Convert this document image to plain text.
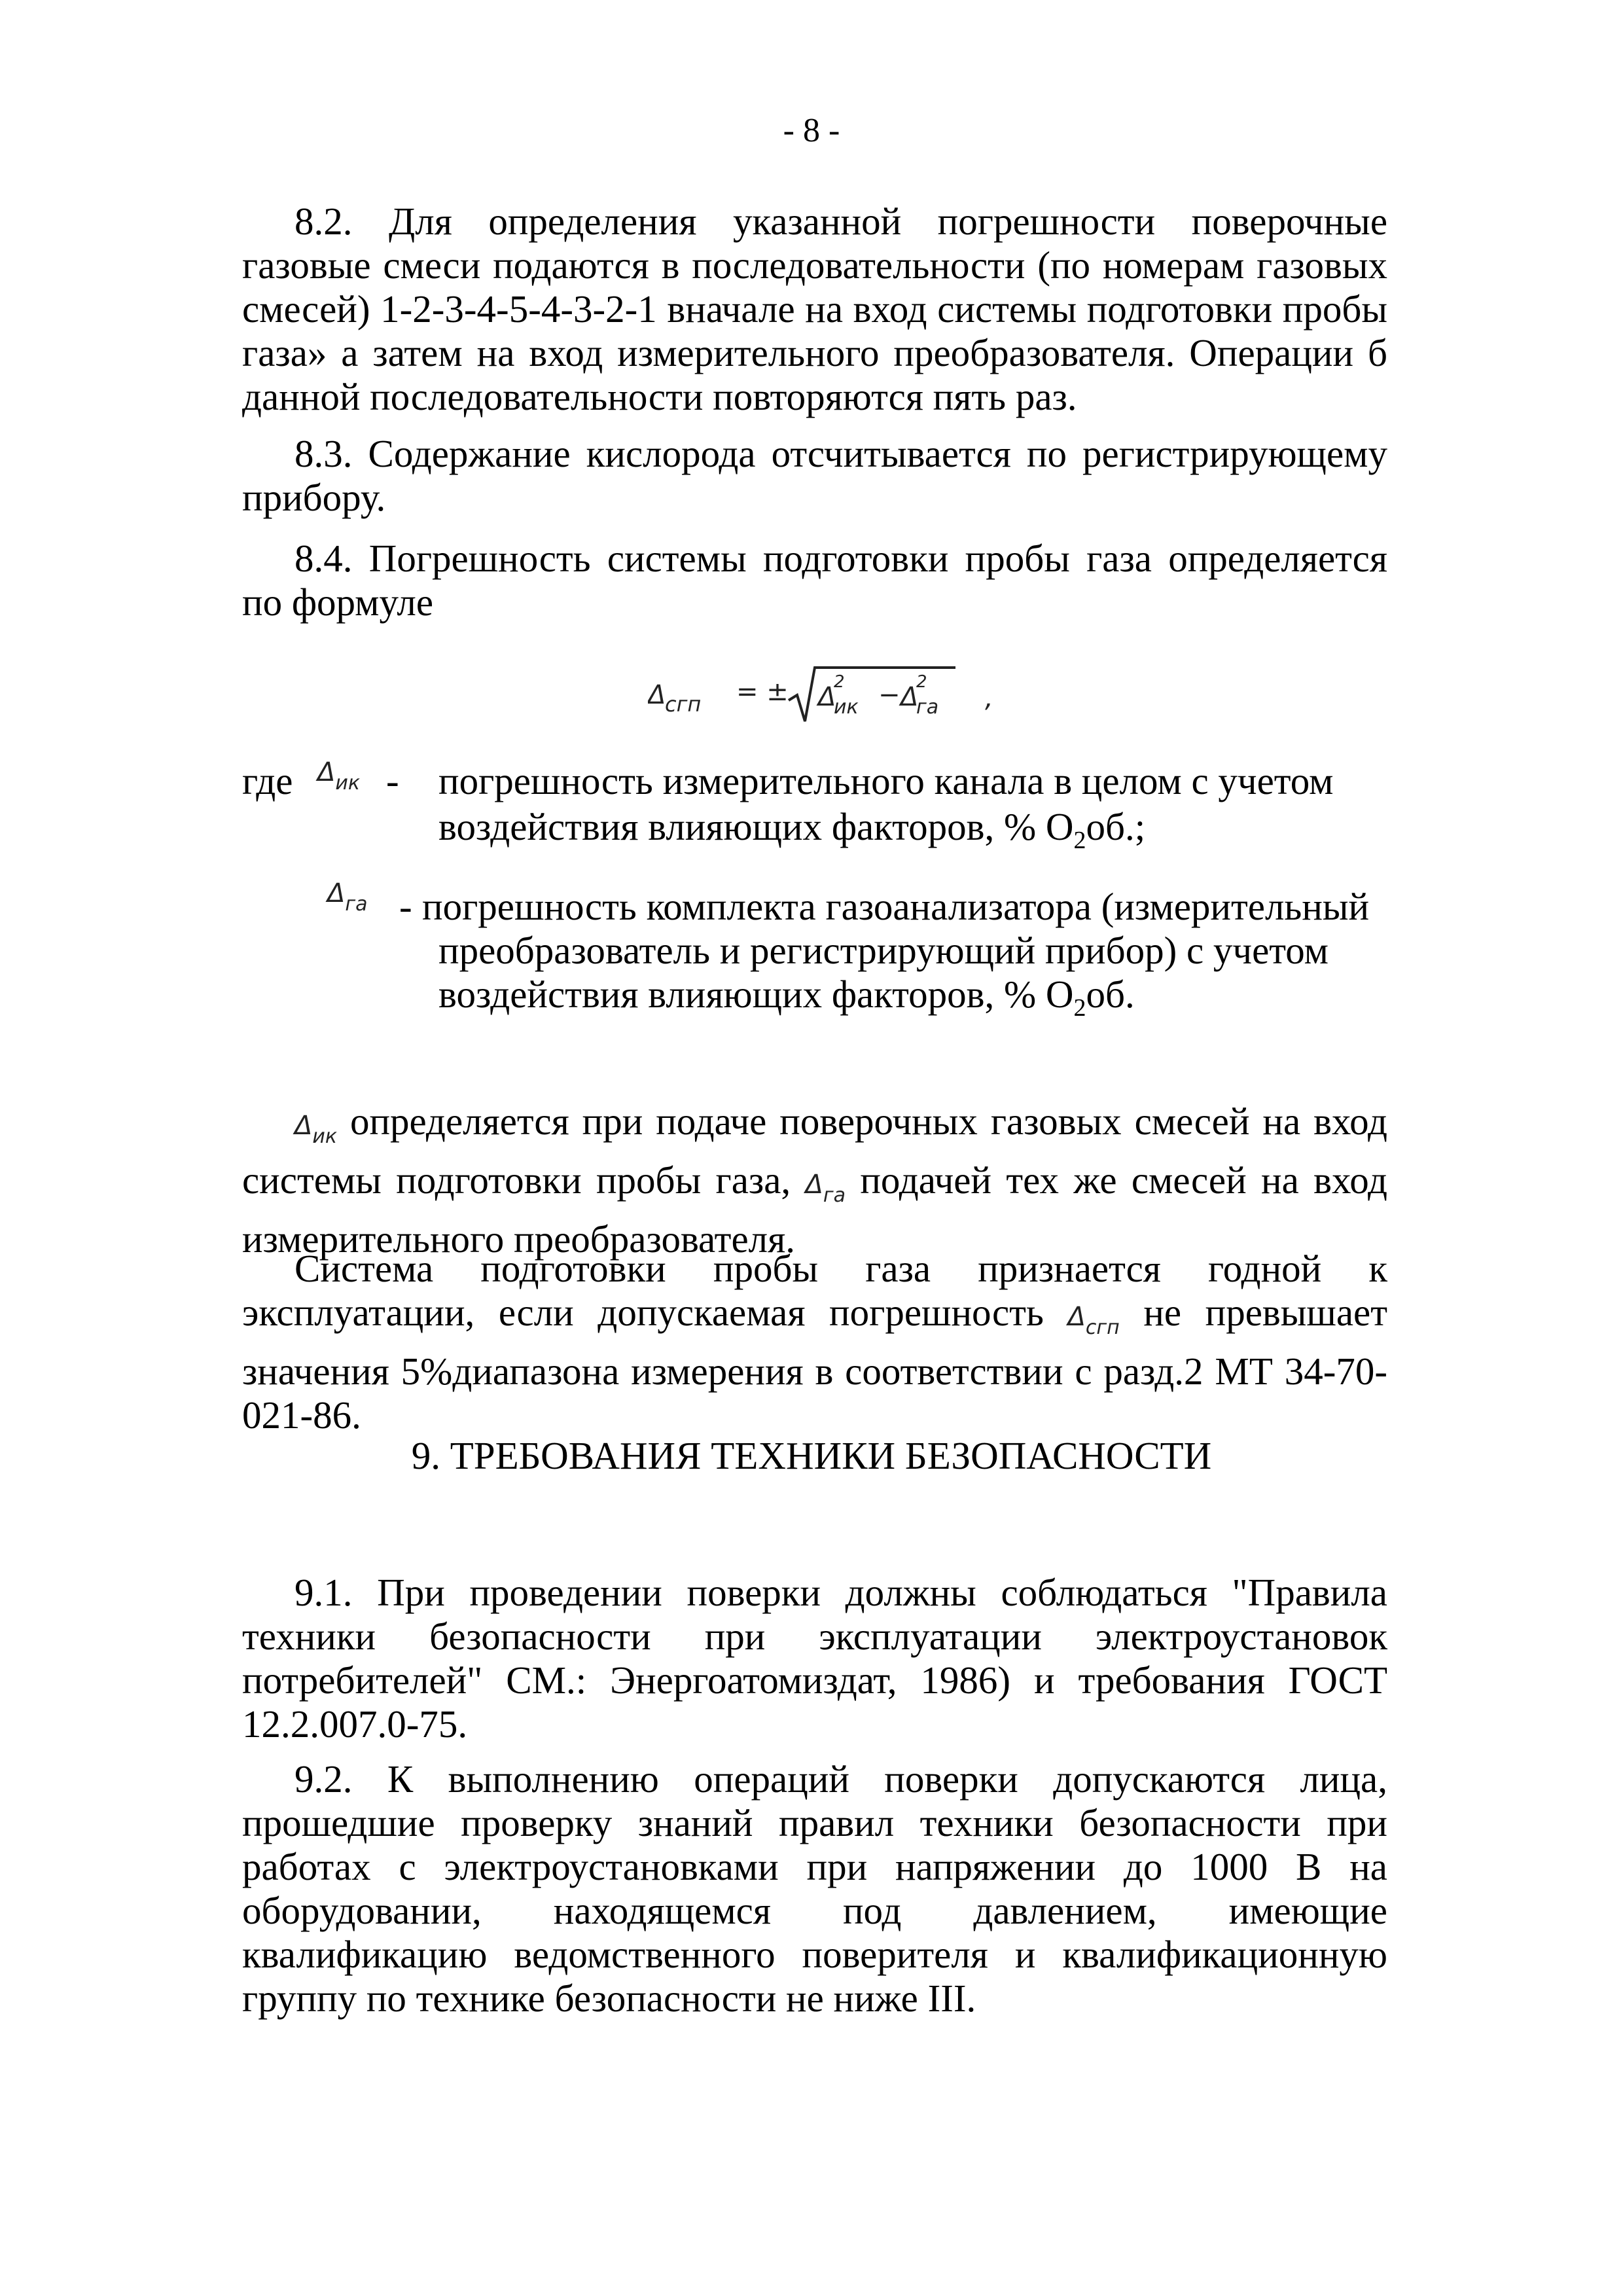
- 8 -
8.2. Для определения указанной погрешности поверочные газовые смеси подаются в последовательности (по номерам газовых смесей) 1-2-3-4-5-4-3-2-1 вначале на вход системы подготовки пробы газа» а затем на вход измерительного преобразователя. Операции б данной последовательности повторяются пять раз.
8.3. Содержание кислорода отсчитывается по регистрирующему прибору.
8.4. Погрешность системы подготовки пробы газа определяется по формуле
Δ
сгп = ± Δ
2
ик − Δ
2
га ,
где $\Delta_{ик}$ - погрешность измерительного канала в целом с учетом
воздействия влияющих факторов, % $O_2об$.;
$\Delta_{га}$ - погрешность комплекта газоанализатора (измерительный
преобразователь и регистрирующий прибор) с учетом
воздействия влияющих факторов, % $O_2об$.
$\Delta_{ик}$ определяется при подаче поверочных газовых смесей на вход системы подготовки пробы газа, $\Delta_{га}$ подачей тех же смесей на вход измерительного преобразователя.
Система подготовки пробы газа признается годной к эксплуатации, если допускаемая погрешность $\Delta_{сгп}$ не превышает значения 5%диапазона измерения в соответствии с разд.2 МТ 34-70-021-86.
9. ТРЕБОВАНИЯ ТЕХНИКИ БЕЗОПАСНОСТИ
9.1. При проведении поверки должны соблюдаться "Правила техники безопасности при эксплуатации электроустановок потребителей" СМ.: Энергоатомиздат, 1986) и требования ГОСТ 12.2.007.0-75.
9.2. К выполнению операций поверки допускаются лица, прошедшие проверку знаний правил техники безопасности при работах с электроустановками при напряжении до 1000 В на оборудовании, находящемся под давлением, имеющие квалификацию ведомственного поверителя и квалификационную группу по технике безопасности не ниже III.
